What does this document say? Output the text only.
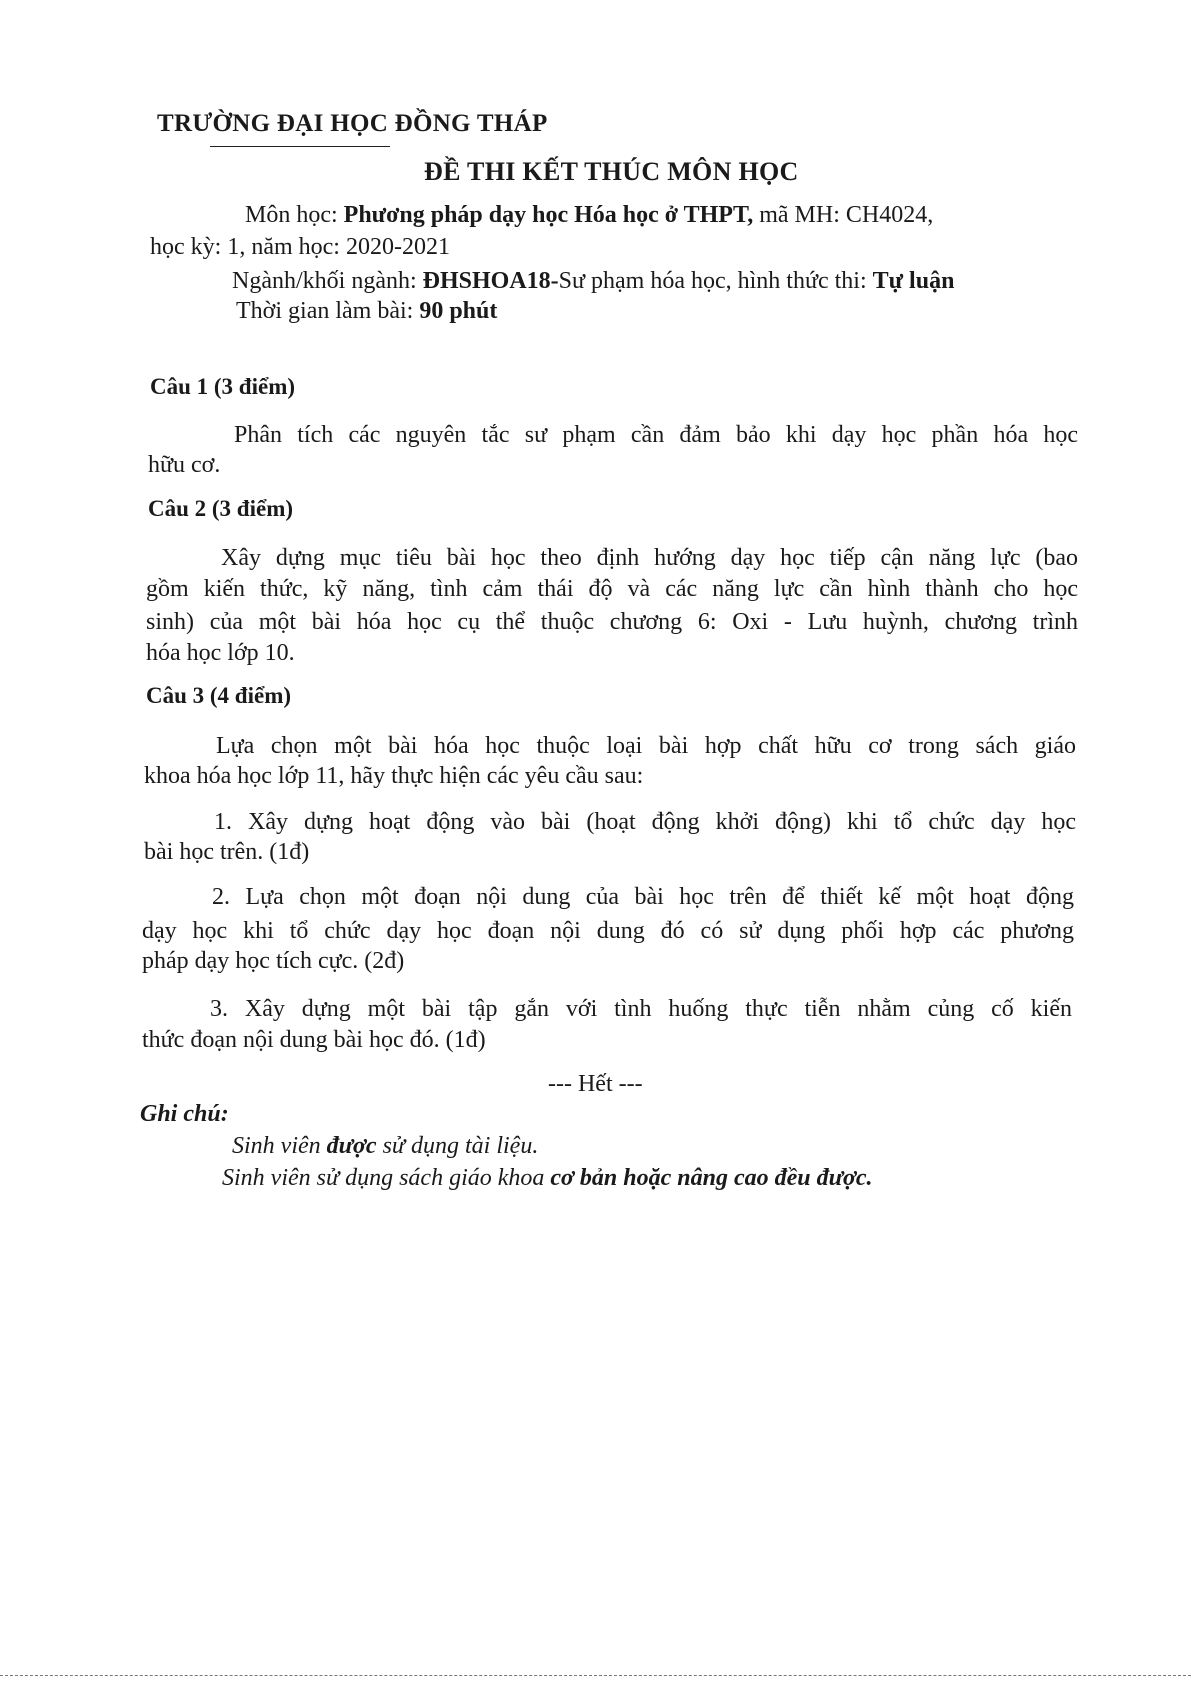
TRƯỜNG ĐẠI HỌC ĐỒNG THÁP
ĐỀ THI KẾT THÚC MÔN HỌC
Môn học: Phương pháp dạy học Hóa học ở THPT, mã MH: CH4024,
học kỳ: 1, năm học: 2020-2021
Ngành/khối ngành: ĐHSHOA18-Sư phạm hóa học, hình thức thi: Tự luận
Thời gian làm bài: 90 phút
Câu 1 (3 điểm)
Phân tích các nguyên tắc sư phạm cần đảm bảo khi dạy học phần hóa học
hữu cơ.
Câu 2 (3 điểm)
Xây dựng mục tiêu bài học theo định hướng dạy học tiếp cận năng lực (bao
gồm kiến thức, kỹ năng, tình cảm thái độ và các năng lực cần hình thành cho học
sinh) của một bài hóa học cụ thể thuộc chương 6: Oxi - Lưu huỳnh, chương trình
hóa học lớp 10.
Câu 3 (4 điểm)
Lựa chọn một bài hóa học thuộc loại bài hợp chất hữu cơ trong sách giáo
khoa hóa học lớp 11, hãy thực hiện các yêu cầu sau:
1. Xây dựng hoạt động vào bài (hoạt động khởi động) khi tổ chức dạy học
bài học trên. (1đ)
2. Lựa chọn một đoạn nội dung của bài học trên để thiết kế một hoạt động
dạy học khi tổ chức dạy học đoạn nội dung đó có sử dụng phối hợp các phương
pháp dạy học tích cực. (2đ)
3. Xây dựng một bài tập gắn với tình huống thực tiễn nhằm củng cố kiến
thức đoạn nội dung bài học đó. (1đ)
--- Hết ---
Ghi chú:
Sinh viên được sử dụng tài liệu.
Sinh viên sử dụng sách giáo khoa cơ bản hoặc nâng cao đều được.
